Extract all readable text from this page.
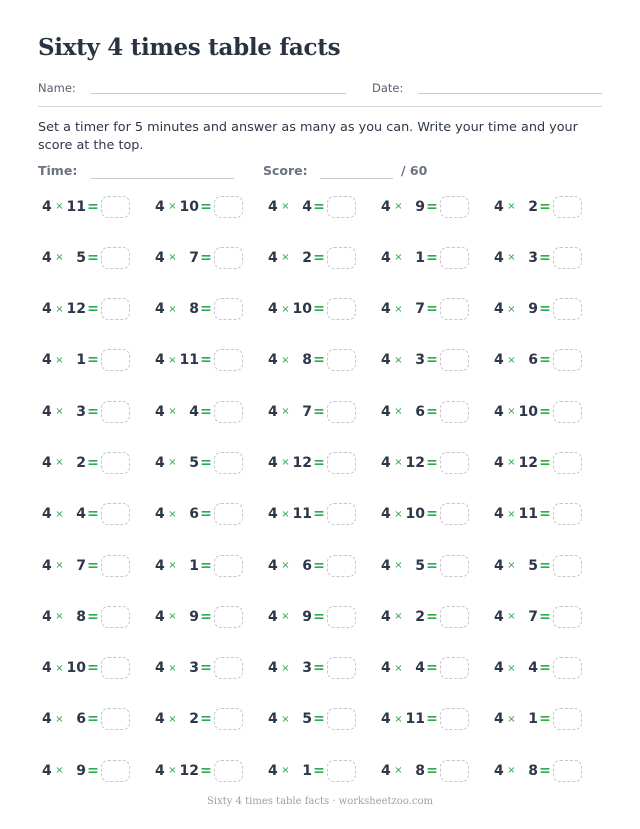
Sixty 4 times table facts
Name:	Date:

Set a timer for 5 minutes and answer as many as you can. Write your time and your score at the top.

Time:	Score:	/ 60
4 × 11 =	4 × 10 =	4 × 4 =	4 × 9 =	4 × 2 =
4 × 5 =	4 × 7 =	4 × 2 =	4 × 1 =	4 × 3 =
4 × 12 =	4 × 8 =	4 × 10 =	4 × 7 =	4 × 9 =
4 × 1 =	4 × 11 =	4 × 8 =	4 × 3 =	4 × 6 =
4 × 3 =	4 × 4 =	4 × 7 =	4 × 6 =	4 × 10 =
4 × 2 =	4 × 5 =	4 × 12 =	4 × 12 =	4 × 12 =
4 × 4 =	4 × 6 =	4 × 11 =	4 × 10 =	4 × 11 =
4 × 7 =	4 × 1 =	4 × 6 =	4 × 5 =	4 × 5 =
4 × 8 =	4 × 9 =	4 × 9 =	4 × 2 =	4 × 7 =
4 × 10 =	4 × 3 =	4 × 3 =	4 × 4 =	4 × 4 =
4 × 6 =	4 × 2 =	4 × 5 =	4 × 11 =	4 × 1 =
4 × 9 =	4 × 12 =	4 × 1 =	4 × 8 =	4 × 8 =
Sixty 4 times table facts · worksheetzoo.com
